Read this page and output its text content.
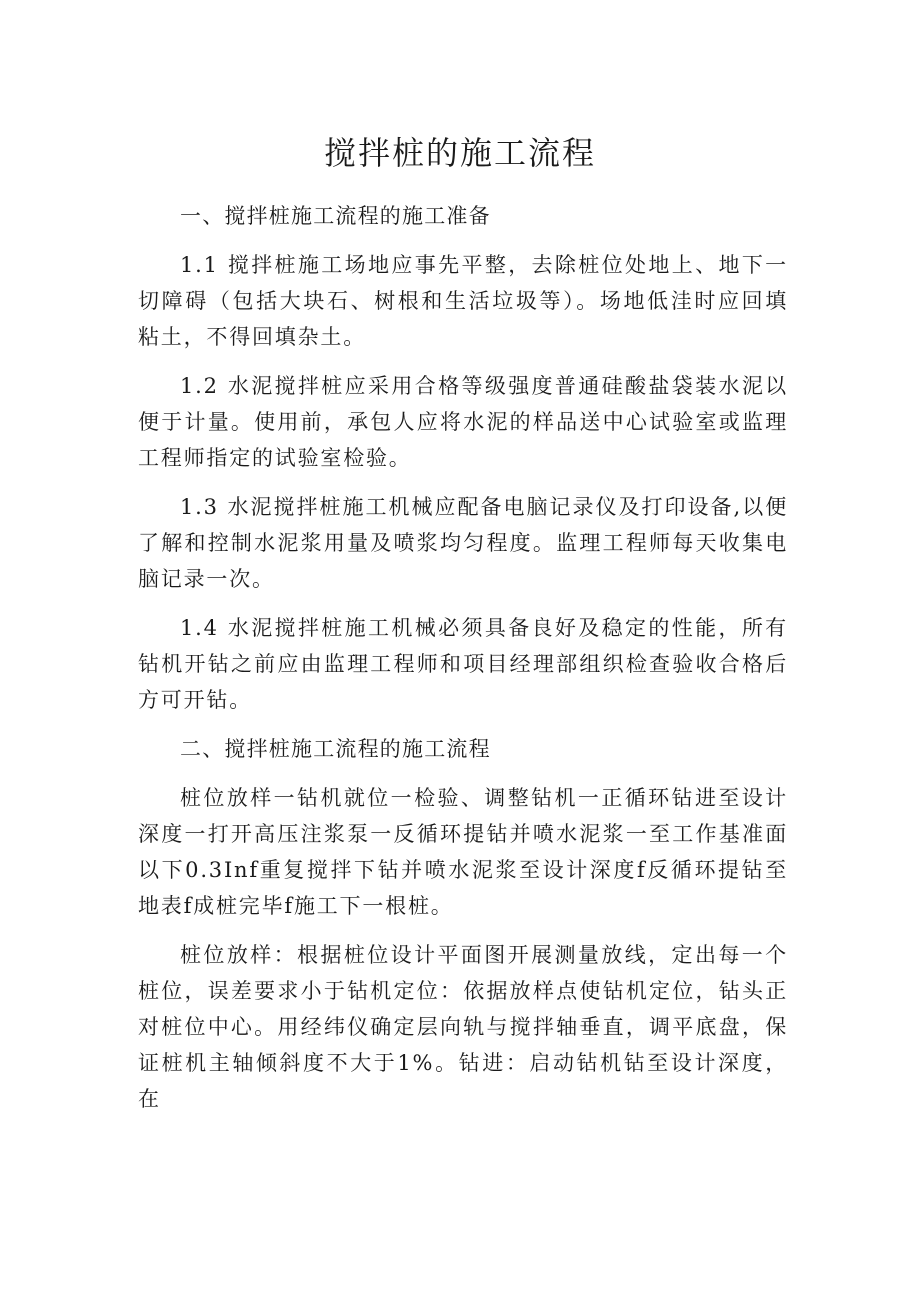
搅拌桩的施工流程

一、搅拌桩施工流程的施工准备

1.1 搅拌桩施工场地应事先平整，去除桩位处地上、地下一切障碍（包括大块石、树根和生活垃圾等）。场地低洼时应回填粘土，不得回填杂土。

1.2 水泥搅拌桩应采用合格等级强度普通硅酸盐袋装水泥以便于计量。使用前，承包人应将水泥的样品送中心试验室或监理工程师指定的试验室检验。

1.3 水泥搅拌桩施工机械应配备电脑记录仪及打印设备,以便了解和控制水泥浆用量及喷浆均匀程度。监理工程师每天收集电脑记录一次。

1.4 水泥搅拌桩施工机械必须具备良好及稳定的性能，所有钻机开钻之前应由监理工程师和项目经理部组织检查验收合格后方可开钻。

二、搅拌桩施工流程的施工流程

桩位放样一钻机就位一检验、调整钻机一正循环钻进至设计深度一打开高压注浆泵一反循环提钻并喷水泥浆一至工作基准面以下0.3Inf重复搅拌下钻并喷水泥浆至设计深度f反循环提钻至地表f成桩完毕f施工下一根桩。

桩位放样：根据桩位设计平面图开展测量放线，定出每一个桩位，误差要求小于钻机定位：依据放样点使钻机定位，钻头正对桩位中心。用经纬仪确定层向轨与搅拌轴垂直，调平底盘，保证桩机主轴倾斜度不大于1%。钻进：启动钻机钻至设计深度，在
